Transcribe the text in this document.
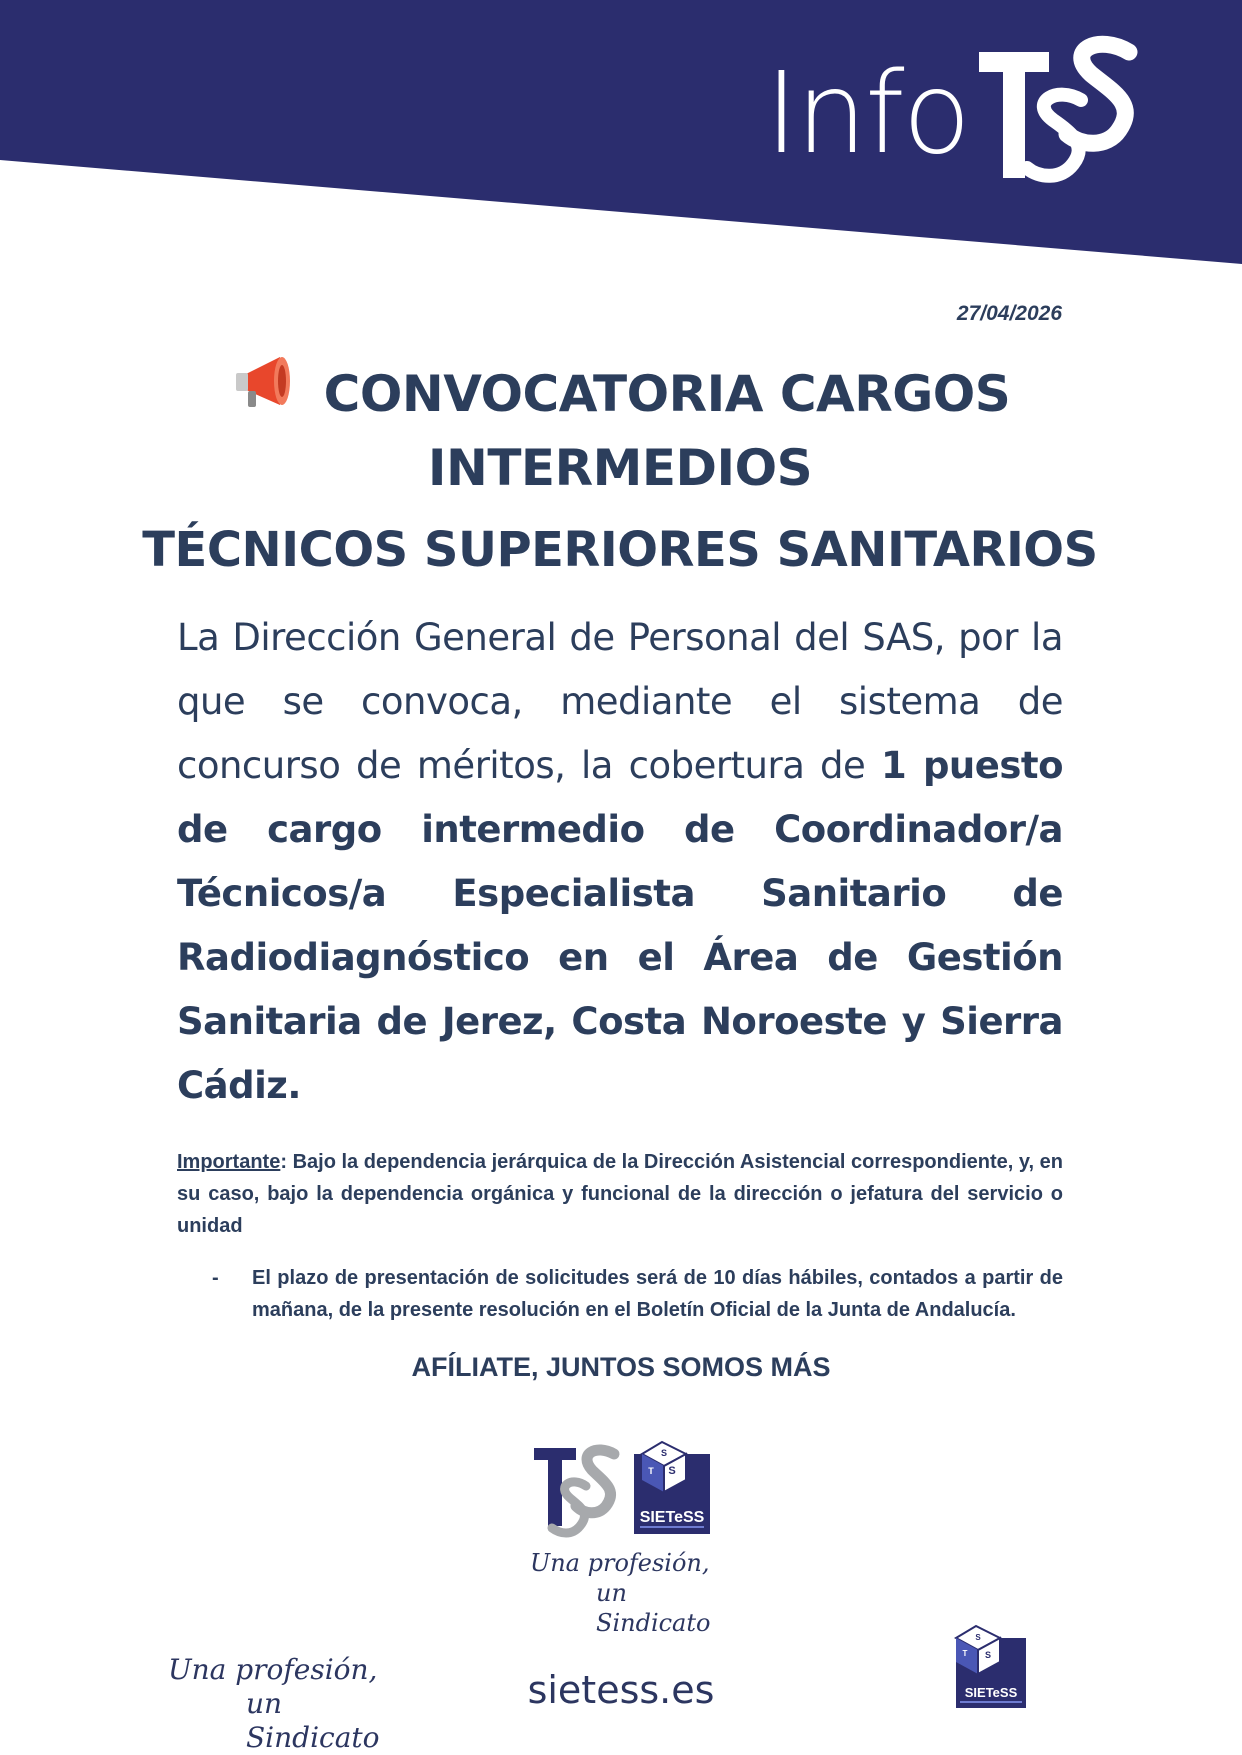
Info
27/04/2026
CONVOCATORIA CARGOS
INTERMEDIOS
TÉCNICOS SUPERIORES SANITARIOS
La Dirección General de Personal del SAS, por la que se convoca, mediante el sistema de concurso de méritos, la cobertura de 1 puesto de cargo intermedio de Coordinador/a Técnicos/a Especialista Sanitario de Radiodiagnóstico en el Área de Gestión Sanitaria de Jerez, Costa Noroeste y Sierra Cádiz.
Importante: Bajo la dependencia jerárquica de la Dirección Asistencial correspondiente, y, en su caso, bajo la dependencia orgánica y funcional de la dirección o jefatura del servicio o unidad
-	El plazo de presentación de solicitudes será de 10 días hábiles, contados a partir de mañana, de la presente resolución en el Boletín Oficial de la Junta de Andalucía.
AFÍLIATE, JUNTOS SOMOS MÁS
S
S
T
SIETeSS
Una profesión,
un Sindicato
Una profesión,
un Sindicato
sietess.es
S
S
T
SIETeSS
